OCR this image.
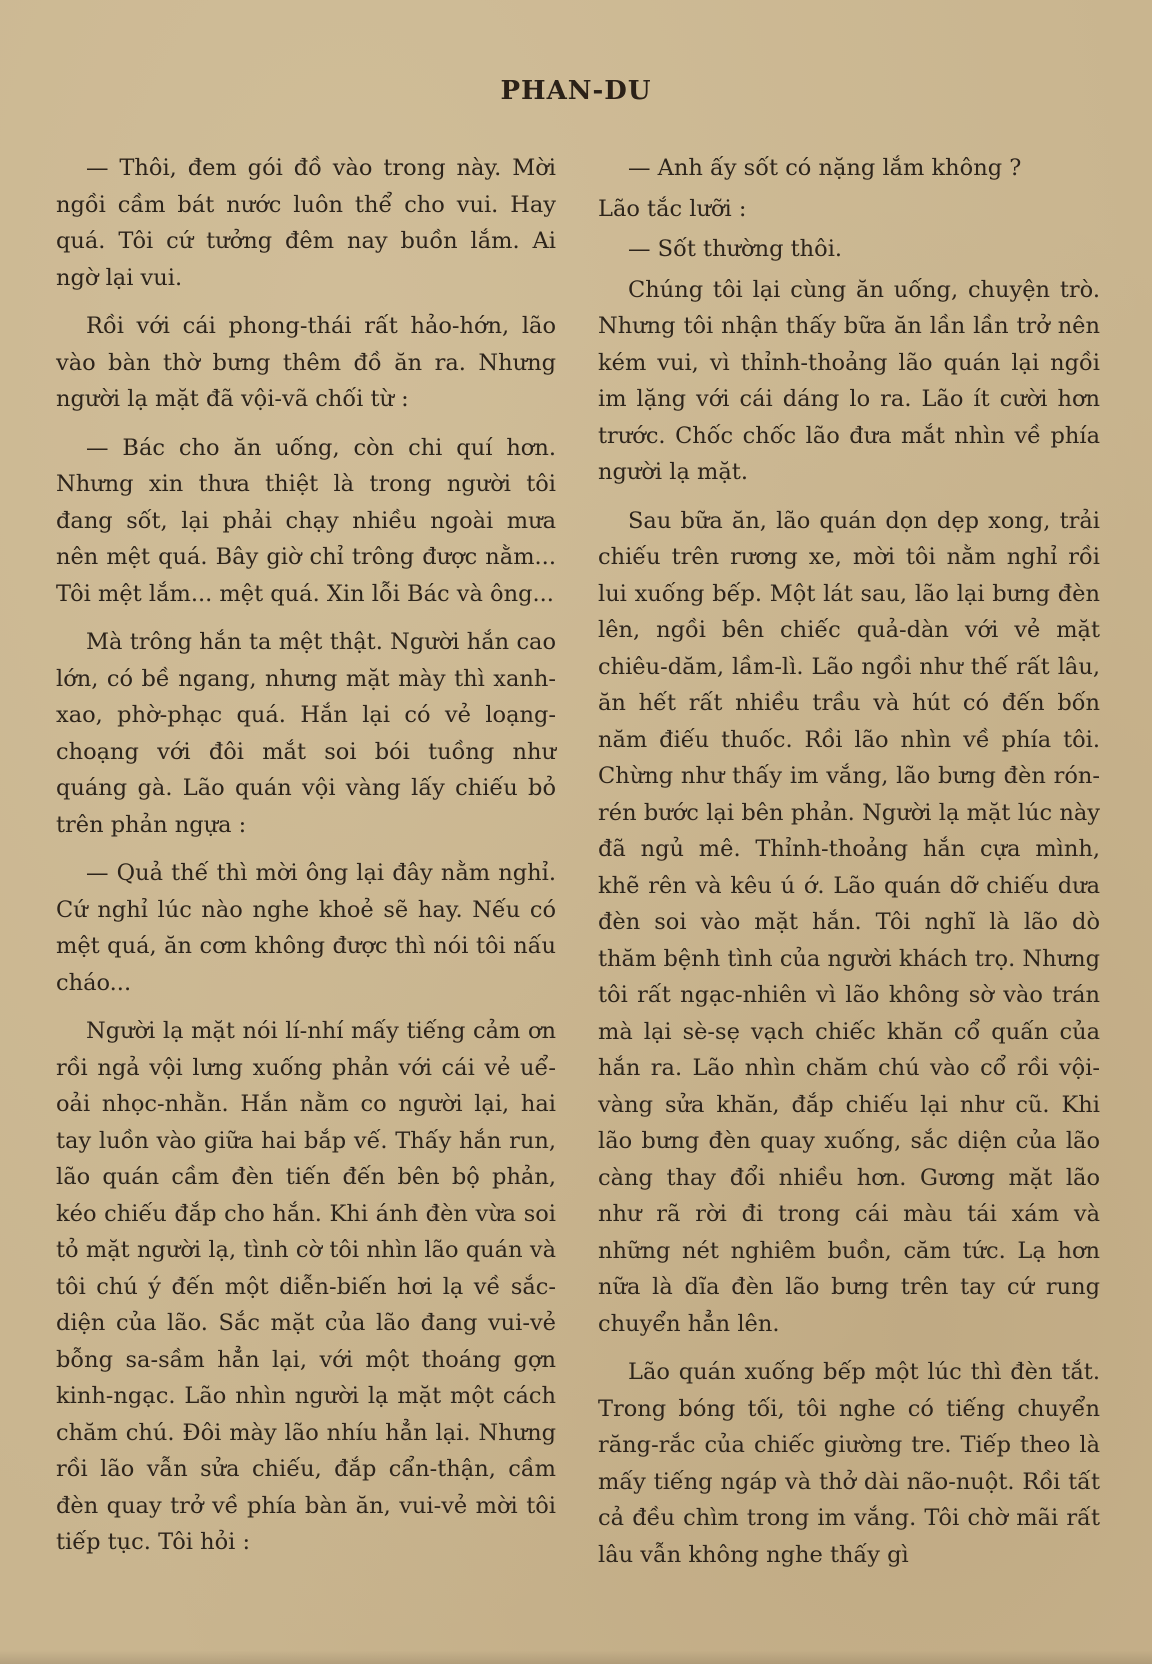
PHAN-DU

— Thôi, đem gói đồ vào trong này. Mời ngồi cầm bát nước luôn thể cho vui. Hay quá. Tôi cứ tưởng đêm nay buồn lắm. Ai ngờ lại vui.

Rồi với cái phong-thái rất hảo-hớn, lão vào bàn thờ bưng thêm đồ ăn ra. Nhưng người lạ mặt đã vội-vã chối từ :

— Bác cho ăn uống, còn chi quí hơn. Nhưng xin thưa thiệt là trong người tôi đang sốt, lại phải chạy nhiều ngoài mưa nên mệt quá. Bây giờ chỉ trông được nằm... Tôi mệt lắm... mệt quá. Xin lỗi Bác và ông...

Mà trông hắn ta mệt thật. Người hắn cao lớn, có bề ngang, nhưng mặt mày thì xanh-xao, phờ-phạc quá. Hắn lại có vẻ loạng-choạng với đôi mắt soi bói tuồng như quáng gà. Lão quán vội vàng lấy chiếu bỏ trên phản ngựa :

— Quả thế thì mời ông lại đây nằm nghỉ. Cứ nghỉ lúc nào nghe khoẻ sẽ hay. Nếu có mệt quá, ăn cơm không được thì nói tôi nấu cháo...

Người lạ mặt nói lí-nhí mấy tiếng cảm ơn rồi ngả vội lưng xuống phản với cái vẻ uể-oải nhọc-nhằn. Hắn nằm co người lại, hai tay luồn vào giữa hai bắp vế. Thấy hắn run, lão quán cầm đèn tiến đến bên bộ phản, kéo chiếu đắp cho hắn. Khi ánh đèn vừa soi tỏ mặt người lạ, tình cờ tôi nhìn lão quán và tôi chú ý đến một diễn-biến hơi lạ về sắc-diện của lão. Sắc mặt của lão đang vui-vẻ bỗng sa-sầm hẳn lại, với một thoáng gợn kinh-ngạc. Lão nhìn người lạ mặt một cách chăm chú. Đôi mày lão nhíu hẳn lại. Nhưng rồi lão vẫn sửa chiếu, đắp cẩn-thận, cầm đèn quay trở về phía bàn ăn, vui-vẻ mời tôi tiếp tục. Tôi hỏi :

— Anh ấy sốt có nặng lắm không ?

Lão tắc lưỡi :

— Sốt thường thôi.

Chúng tôi lại cùng ăn uống, chuyện trò. Nhưng tôi nhận thấy bữa ăn lần lần trở nên kém vui, vì thỉnh-thoảng lão quán lại ngồi im lặng với cái dáng lo ra. Lão ít cười hơn trước. Chốc chốc lão đưa mắt nhìn về phía người lạ mặt.

Sau bữa ăn, lão quán dọn dẹp xong, trải chiếu trên rương xe, mời tôi nằm nghỉ rồi lui xuống bếp. Một lát sau, lão lại bưng đèn lên, ngồi bên chiếc quả-dàn với vẻ mặt chiêu-dăm, lầm-lì. Lão ngồi như thế rất lâu, ăn hết rất nhiều trầu và hút có đến bốn năm điếu thuốc. Rồi lão nhìn về phía tôi. Chừng như thấy im vắng, lão bưng đèn rón-rén bước lại bên phản. Người lạ mặt lúc này đã ngủ mê. Thỉnh-thoảng hắn cựa mình, khẽ rên và kêu ú ớ. Lão quán dỡ chiếu dưa đèn soi vào mặt hắn. Tôi nghĩ là lão dò thăm bệnh tình của người khách trọ. Nhưng tôi rất ngạc-nhiên vì lão không sờ vào trán mà lại sè-sẹ vạch chiếc khăn cổ quấn của hắn ra. Lão nhìn chăm chú vào cổ rồi vội-vàng sửa khăn, đắp chiếu lại như cũ. Khi lão bưng đèn quay xuống, sắc diện của lão càng thay đổi nhiều hơn. Gương mặt lão như rã rời đi trong cái màu tái xám và những nét nghiêm buồn, căm tức. Lạ hơn nữa là dĩa đèn lão bưng trên tay cứ rung chuyển hẳn lên.

Lão quán xuống bếp một lúc thì đèn tắt. Trong bóng tối, tôi nghe có tiếng chuyển răng-rắc của chiếc giường tre. Tiếp theo là mấy tiếng ngáp và thở dài não-nuột. Rồi tất cả đều chìm trong im vắng. Tôi chờ mãi rất lâu vẫn không nghe thấy gì
